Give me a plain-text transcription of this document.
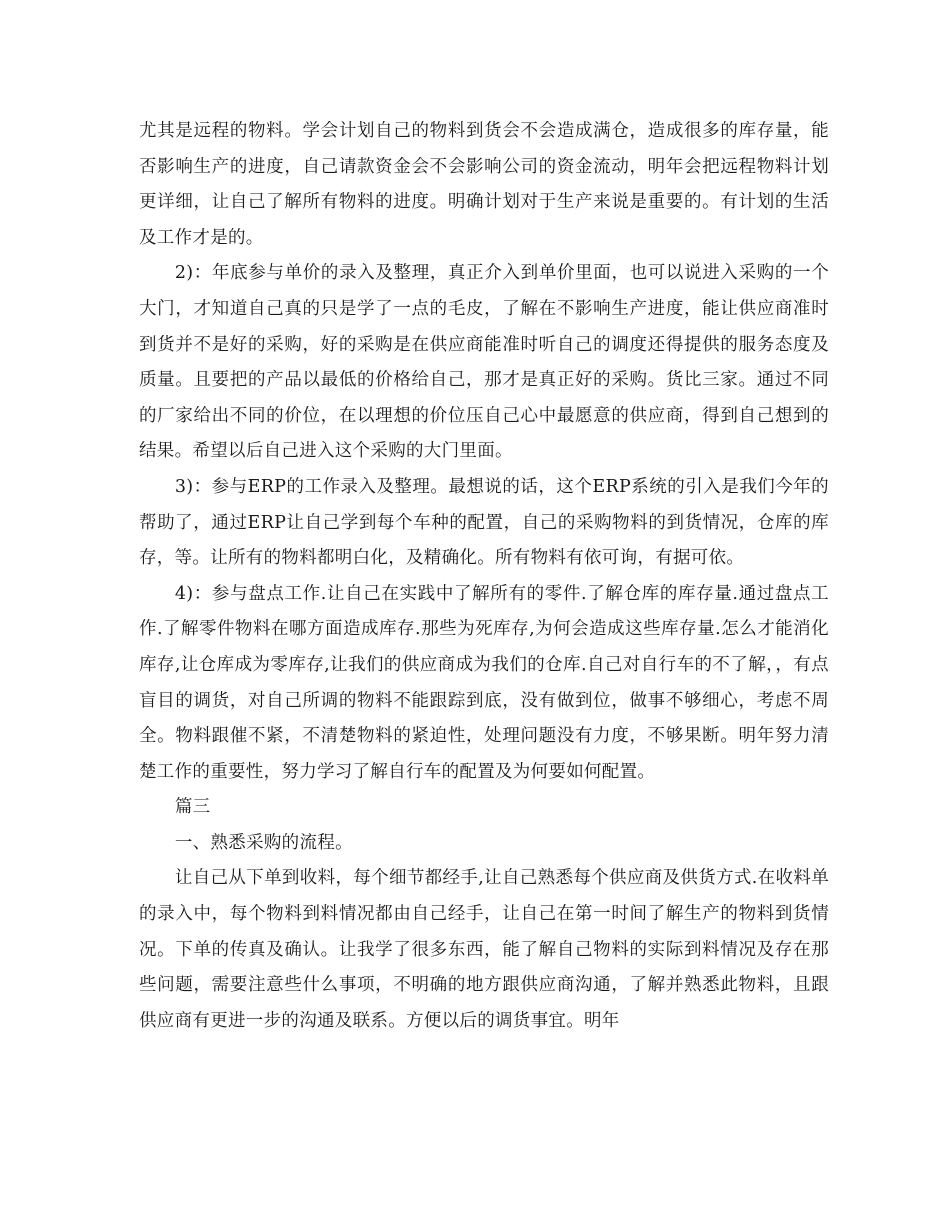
尤其是远程的物料。学会计划自己的物料到货会不会造成满仓，造成很多的库存量，能否影响生产的进度，自己请款资金会不会影响公司的资金流动，明年会把远程物料计划更详细，让自己了解所有物料的进度。明确计划对于生产来说是重要的。有计划的生活及工作才是的。

2)：年底参与单价的录入及整理，真正介入到单价里面，也可以说进入采购的一个大门，才知道自己真的只是学了一点的毛皮，了解在不影响生产进度，能让供应商准时到货并不是好的采购，好的采购是在供应商能准时听自己的调度还得提供的服务态度及质量。且要把的产品以最低的价格给自己，那才是真正好的采购。货比三家。通过不同的厂家给出不同的价位，在以理想的价位压自己心中最愿意的供应商，得到自己想到的结果。希望以后自己进入这个采购的大门里面。

3)：参与ERP的工作录入及整理。最想说的话，这个ERP系统的引入是我们今年的帮助了，通过ERP让自己学到每个车种的配置，自己的采购物料的到货情况，仓库的库存，等。让所有的物料都明白化，及精确化。所有物料有依可询，有据可依。

4)：参与盘点工作.让自己在实践中了解所有的零件.了解仓库的库存量.通过盘点工作.了解零件物料在哪方面造成库存.那些为死库存,为何会造成这些库存量.怎么才能消化库存,让仓库成为零库存,让我们的供应商成为我们的仓库.自己对自行车的不了解，，有点盲目的调货，对自己所调的物料不能跟踪到底，没有做到位，做事不够细心，考虑不周全。物料跟催不紧，不清楚物料的紧迫性，处理问题没有力度，不够果断。明年努力清楚工作的重要性，努力学习了解自行车的配置及为何要如何配置。

篇三

一、熟悉采购的流程。

让自己从下单到收料，每个细节都经手,让自己熟悉每个供应商及供货方式.在收料单的录入中，每个物料到料情况都由自己经手，让自己在第一时间了解生产的物料到货情况。下单的传真及确认。让我学了很多东西，能了解自己物料的实际到料情况及存在那些问题，需要注意些什么事项，不明确的地方跟供应商沟通，了解并熟悉此物料，且跟供应商有更进一步的沟通及联系。方便以后的调货事宜。明年
